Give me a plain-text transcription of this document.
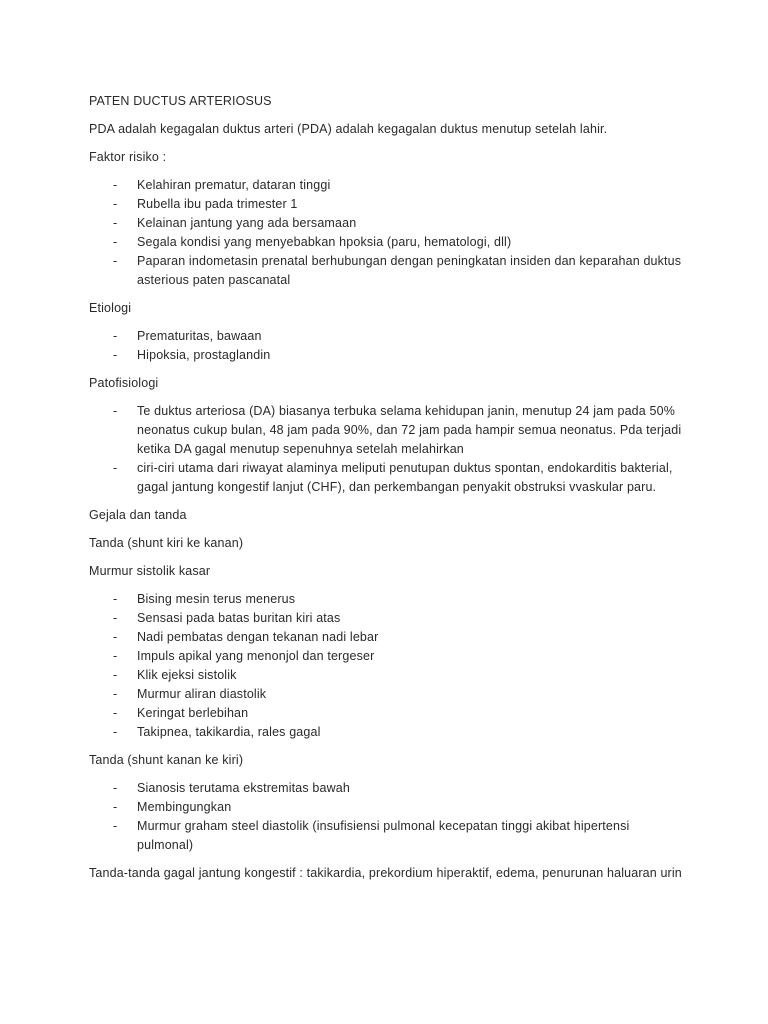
PATEN DUCTUS ARTERIOSUS
PDA adalah kegagalan duktus arteri (PDA) adalah kegagalan duktus menutup setelah lahir.
Faktor risiko :
- Kelahiran prematur, dataran tinggi
- Rubella ibu pada trimester 1
- Kelainan jantung yang ada bersamaan
- Segala kondisi yang menyebabkan hpoksia (paru, hematologi, dll)
- Paparan indometasin prenatal berhubungan dengan peningkatan insiden dan keparahan duktus asterious paten pascanatal
Etiologi
- Prematuritas, bawaan
- Hipoksia, prostaglandin
Patofisiologi
- Te duktus arteriosa (DA) biasanya terbuka selama kehidupan janin, menutup 24 jam pada 50% neonatus cukup bulan, 48 jam pada 90%, dan 72 jam pada hampir semua neonatus. Pda terjadi ketika DA gagal menutup sepenuhnya setelah melahirkan
- ciri-ciri utama dari riwayat alaminya meliputi penutupan duktus spontan, endokarditis bakterial, gagal jantung kongestif lanjut (CHF), dan perkembangan penyakit obstruksi vvaskular paru.
Gejala dan tanda
Tanda (shunt kiri ke kanan)
Murmur sistolik kasar
- Bising mesin terus menerus
- Sensasi pada batas buritan kiri atas
- Nadi pembatas dengan tekanan nadi lebar
- Impuls apikal yang menonjol dan tergeser
- Klik ejeksi sistolik
- Murmur aliran diastolik
- Keringat berlebihan
- Takipnea, takikardia, rales gagal
Tanda (shunt kanan ke kiri)
- Sianosis terutama ekstremitas bawah
- Membingungkan
- Murmur graham steel diastolik (insufisiensi pulmonal kecepatan tinggi akibat hipertensi pulmonal)
Tanda-tanda gagal jantung kongestif : takikardia, prekordium hiperaktif, edema, penurunan haluaran urin
